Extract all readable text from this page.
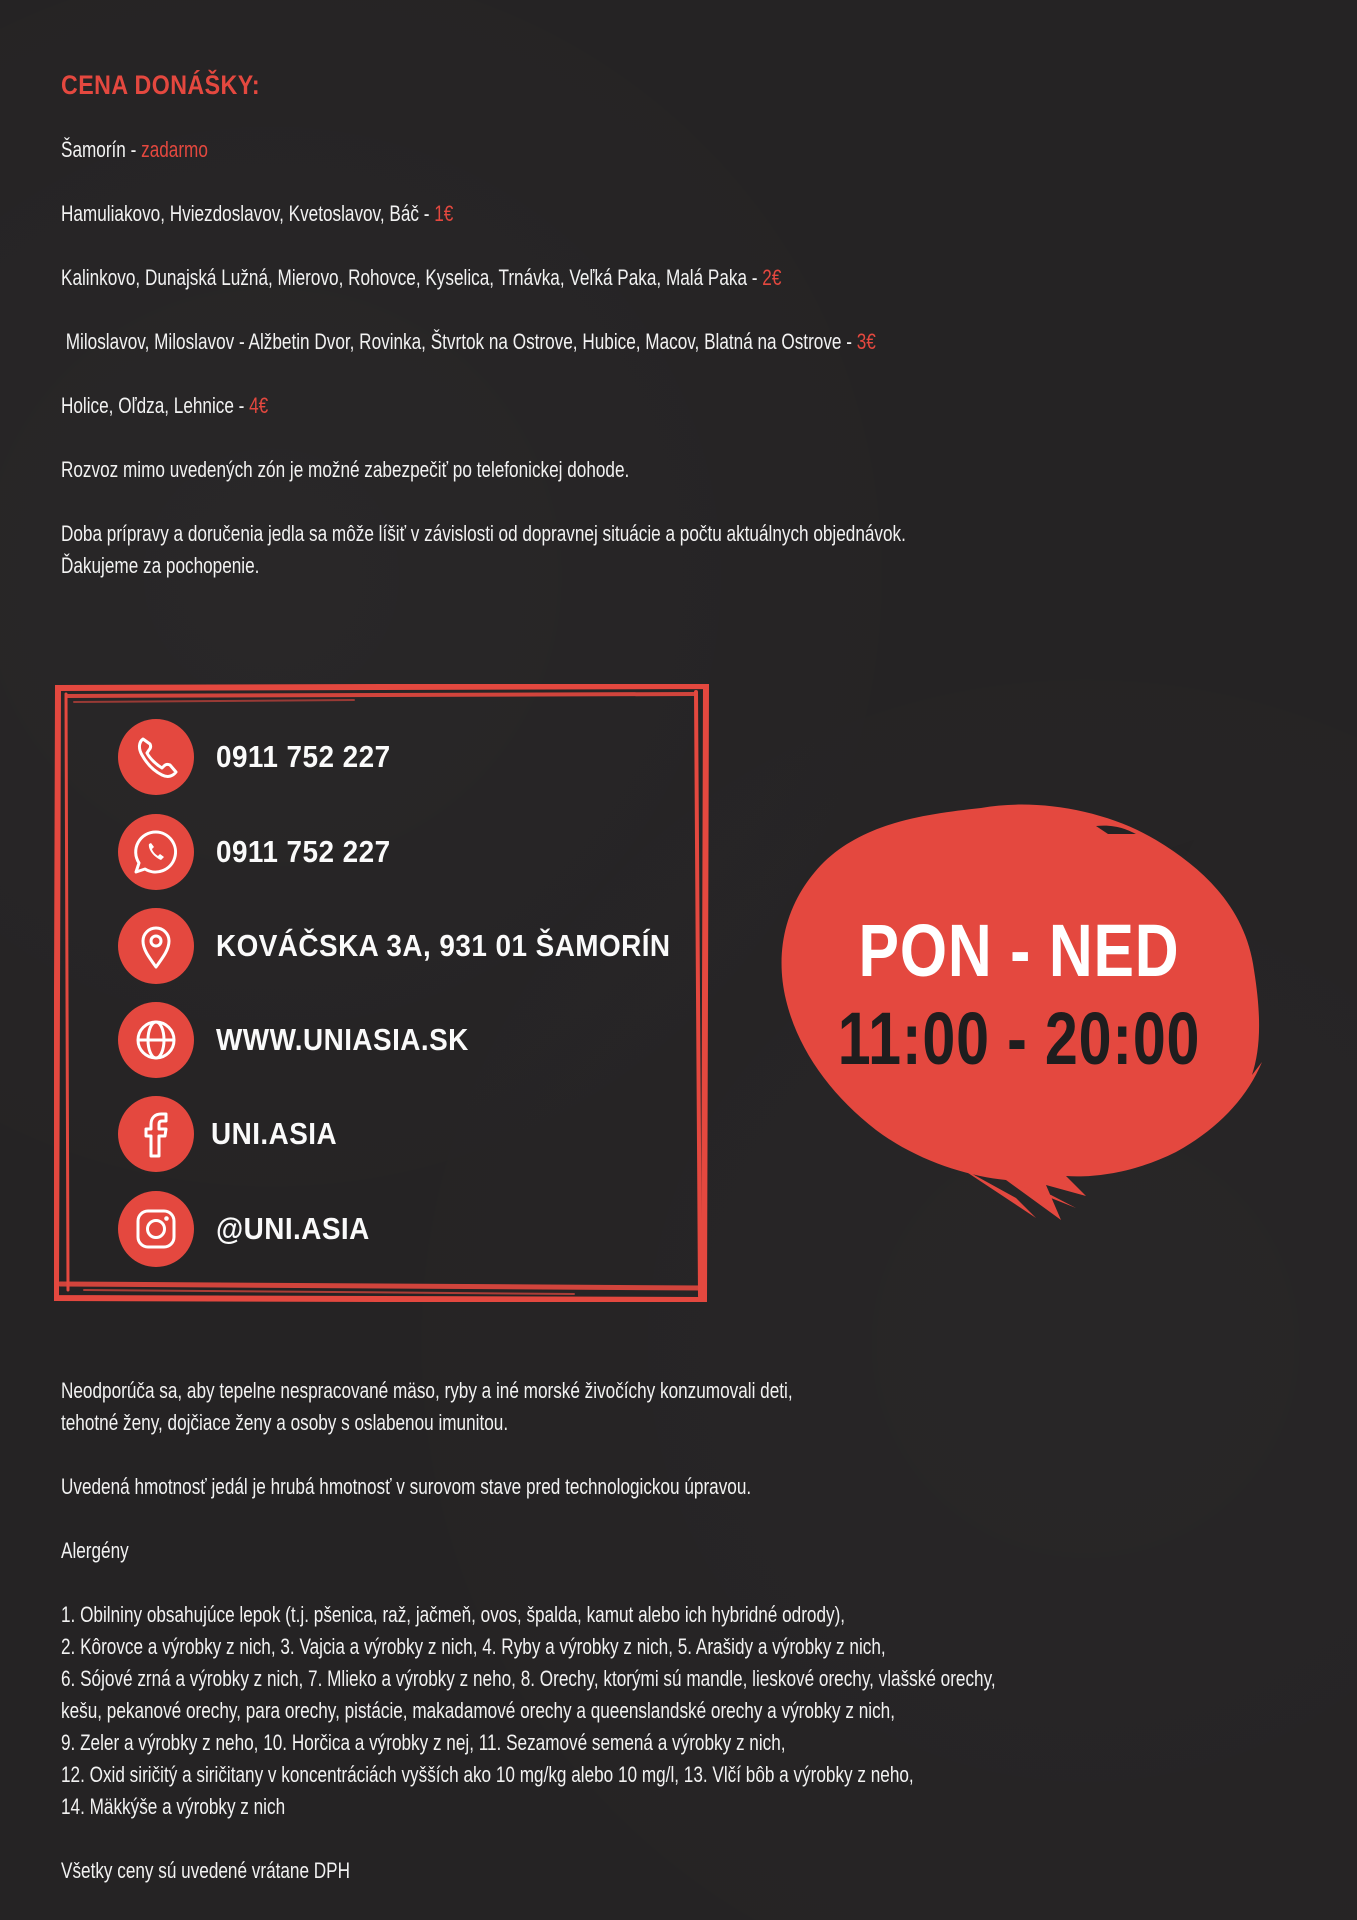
CENA DONÁŠKY:
Šamorín - zadarmo
Hamuliakovo, Hviezdoslavov, Kvetoslavov, Báč - 1€
Kalinkovo, Dunajská Lužná, Mierovo, Rohovce, Kyselica, Trnávka, Veľká Paka, Malá Paka - 2€
Miloslavov, Miloslavov - Alžbetin Dvor, Rovinka, Štvrtok na Ostrove, Hubice, Macov, Blatná na Ostrove - 3€
Holice, Oľdza, Lehnice - 4€
Rozvoz mimo uvedených zón je možné zabezpečiť po telefonickej dohode.
Doba prípravy a doručenia jedla sa môže líšiť v závislosti od dopravnej situácie a počtu aktuálnych objednávok.
Ďakujeme za pochopenie.
0911 752 227
0911 752 227
KOVÁČSKA 3A, 931 01 ŠAMORÍN
WWW.UNIASIA.SK
UNI.ASIA
@UNI.ASIA
PON - NED
11:00 - 20:00
Neodporúča sa, aby tepelne nespracované mäso, ryby a iné morské živočíchy konzumovali deti,
tehotné ženy, dojčiace ženy a osoby s oslabenou imunitou.
Uvedená hmotnosť jedál je hrubá hmotnosť v surovom stave pred technologickou úpravou.
Alergény
1. Obilniny obsahujúce lepok (t.j. pšenica, raž, jačmeň, ovos, špalda, kamut alebo ich hybridné odrody),
2. Kôrovce a výrobky z nich, 3. Vajcia a výrobky z nich, 4. Ryby a výrobky z nich, 5. Arašidy a výrobky z nich,
6. Sójové zrná a výrobky z nich, 7. Mlieko a výrobky z neho, 8. Orechy, ktorými sú mandle, lieskové orechy, vlašské orechy,
kešu, pekanové orechy, para orechy, pistácie, makadamové orechy a queenslandské orechy a výrobky z nich,
9. Zeler a výrobky z neho, 10. Horčica a výrobky z nej, 11. Sezamové semená a výrobky z nich,
12. Oxid siričitý a siričitany v koncentráciách vyšších ako 10 mg/kg alebo 10 mg/l, 13. Vlčí bôb a výrobky z neho,
14. Mäkkýše a výrobky z nich
Všetky ceny sú uvedené vrátane DPH
